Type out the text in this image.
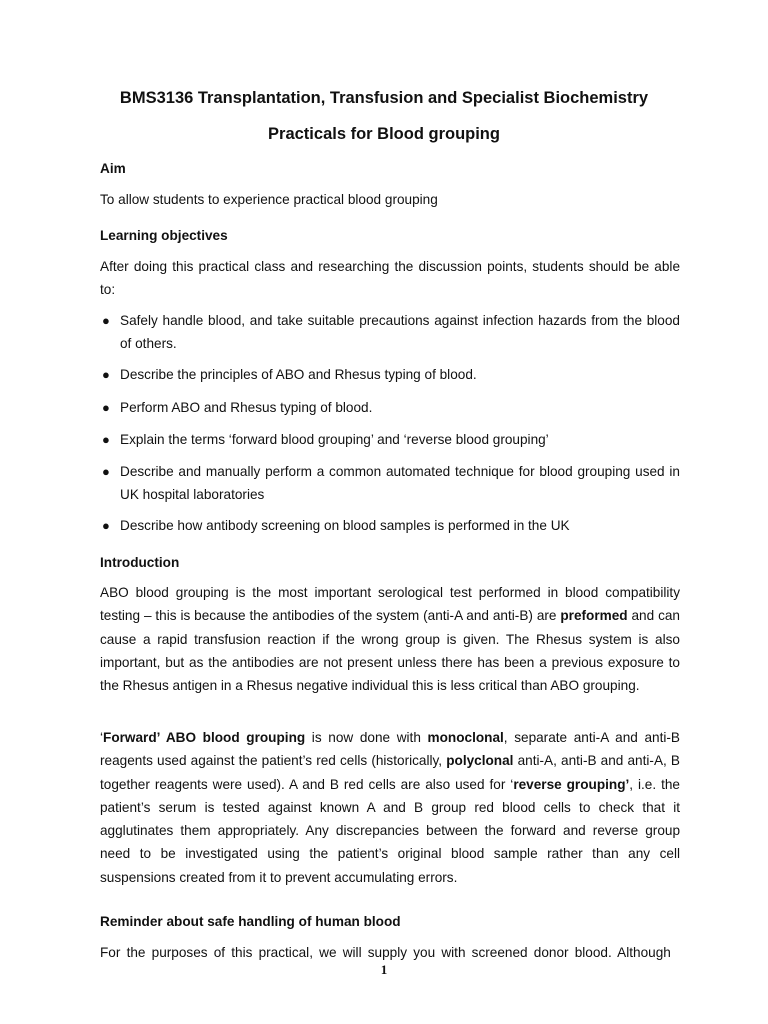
BMS3136 Transplantation, Transfusion and Specialist Biochemistry
Practicals for Blood grouping
Aim

To allow students to experience practical blood grouping

Learning objectives

After doing this practical class and researching the discussion points, students should be able to:

● Safely handle blood, and take suitable precautions against infection hazards from the blood of others.
● Describe the principles of ABO and Rhesus typing of blood.
● Perform ABO and Rhesus typing of blood.
● Explain the terms ‘forward blood grouping’ and ‘reverse blood grouping’
● Describe and manually perform a common automated technique for blood grouping used in UK hospital laboratories
● Describe how antibody screening on blood samples is performed in the UK
Introduction

ABO blood grouping is the most important serological test performed in blood compatibility testing – this is because the antibodies of the system (anti-A and anti-B) are preformed and can cause a rapid transfusion reaction if the wrong group is given. The Rhesus system is also important, but as the antibodies are not present unless there has been a previous exposure to the Rhesus antigen in a Rhesus negative individual this is less critical than ABO grouping.

‘Forward’ ABO blood grouping is now done with monoclonal, separate anti-A and anti-B reagents used against the patient’s red cells (historically, polyclonal anti-A, anti-B and anti-A, B together reagents were used). A and B red cells are also used for ‘reverse grouping’, i.e. the patient’s serum is tested against known A and B group red blood cells to check that it agglutinates them appropriately. Any discrepancies between the forward and reverse group need to be investigated using the patient’s original blood sample rather than any cell suspensions created from it to prevent accumulating errors.

Reminder about safe handling of human blood

For the purposes of this practical, we will supply you with screened donor blood. Although

1
